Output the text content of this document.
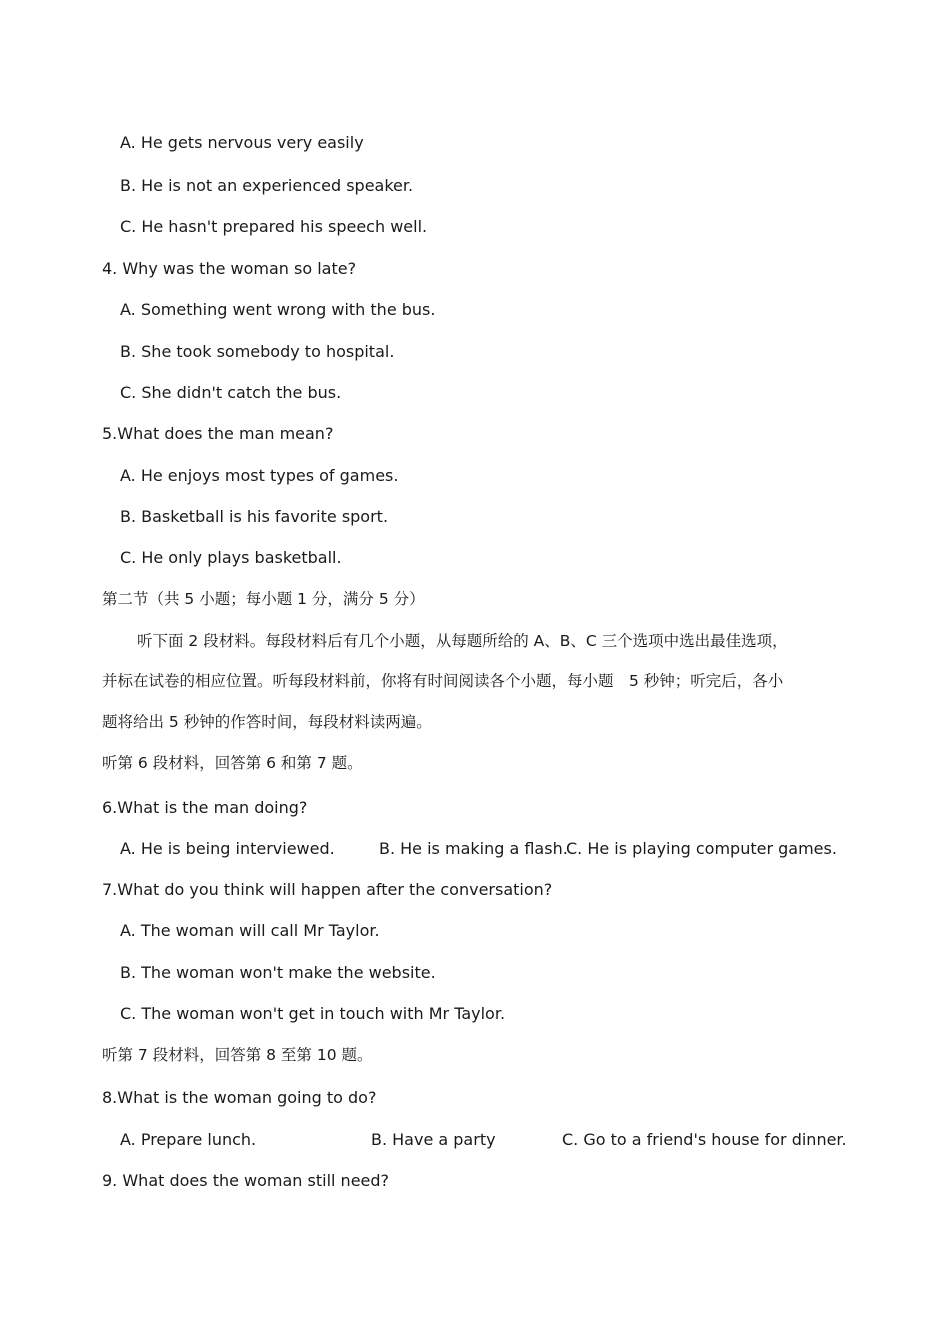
A. He gets nervous very easily
B. He is not an experienced speaker.
C. He hasn't prepared his speech well.
4. Why was the woman so late?
A. Something went wrong with the bus.
B. She took somebody to hospital.
C. She didn't catch the bus.
5.What does the man mean?
A. He enjoys most types of games.
B. Basketball is his favorite sport.
C. He only plays basketball.
第二节（共 5 小题；每小题 1 分，满分 5 分）
听下面 2 段材料。每段材料后有几个小题，从每题所给的 A、B、C 三个选项中选出最佳选项，
并标在试卷的相应位置。听每段材料前，你将有时间阅读各个小题，每小题　5 秒钟；听完后，各小
题将给出 5 秒钟的作答时间，每段材料读两遍。
听第 6 段材料，回答第 6 和第 7 题。
6.What is the man doing?
A. He is being interviewed.	B. He is making a flash.
C. He is playing computer games.
7.What do you think will happen after the conversation?
A. The woman will call Mr Taylor.
B. The woman won't make the website.
C. The woman won't get in touch with Mr Taylor.
听第 7 段材料，回答第 8 至第 10 题。
8.What is the woman going to do?
A. Prepare lunch.	B. Have a party	C. Go to a friend's house for dinner.
9. What does the woman still need?
